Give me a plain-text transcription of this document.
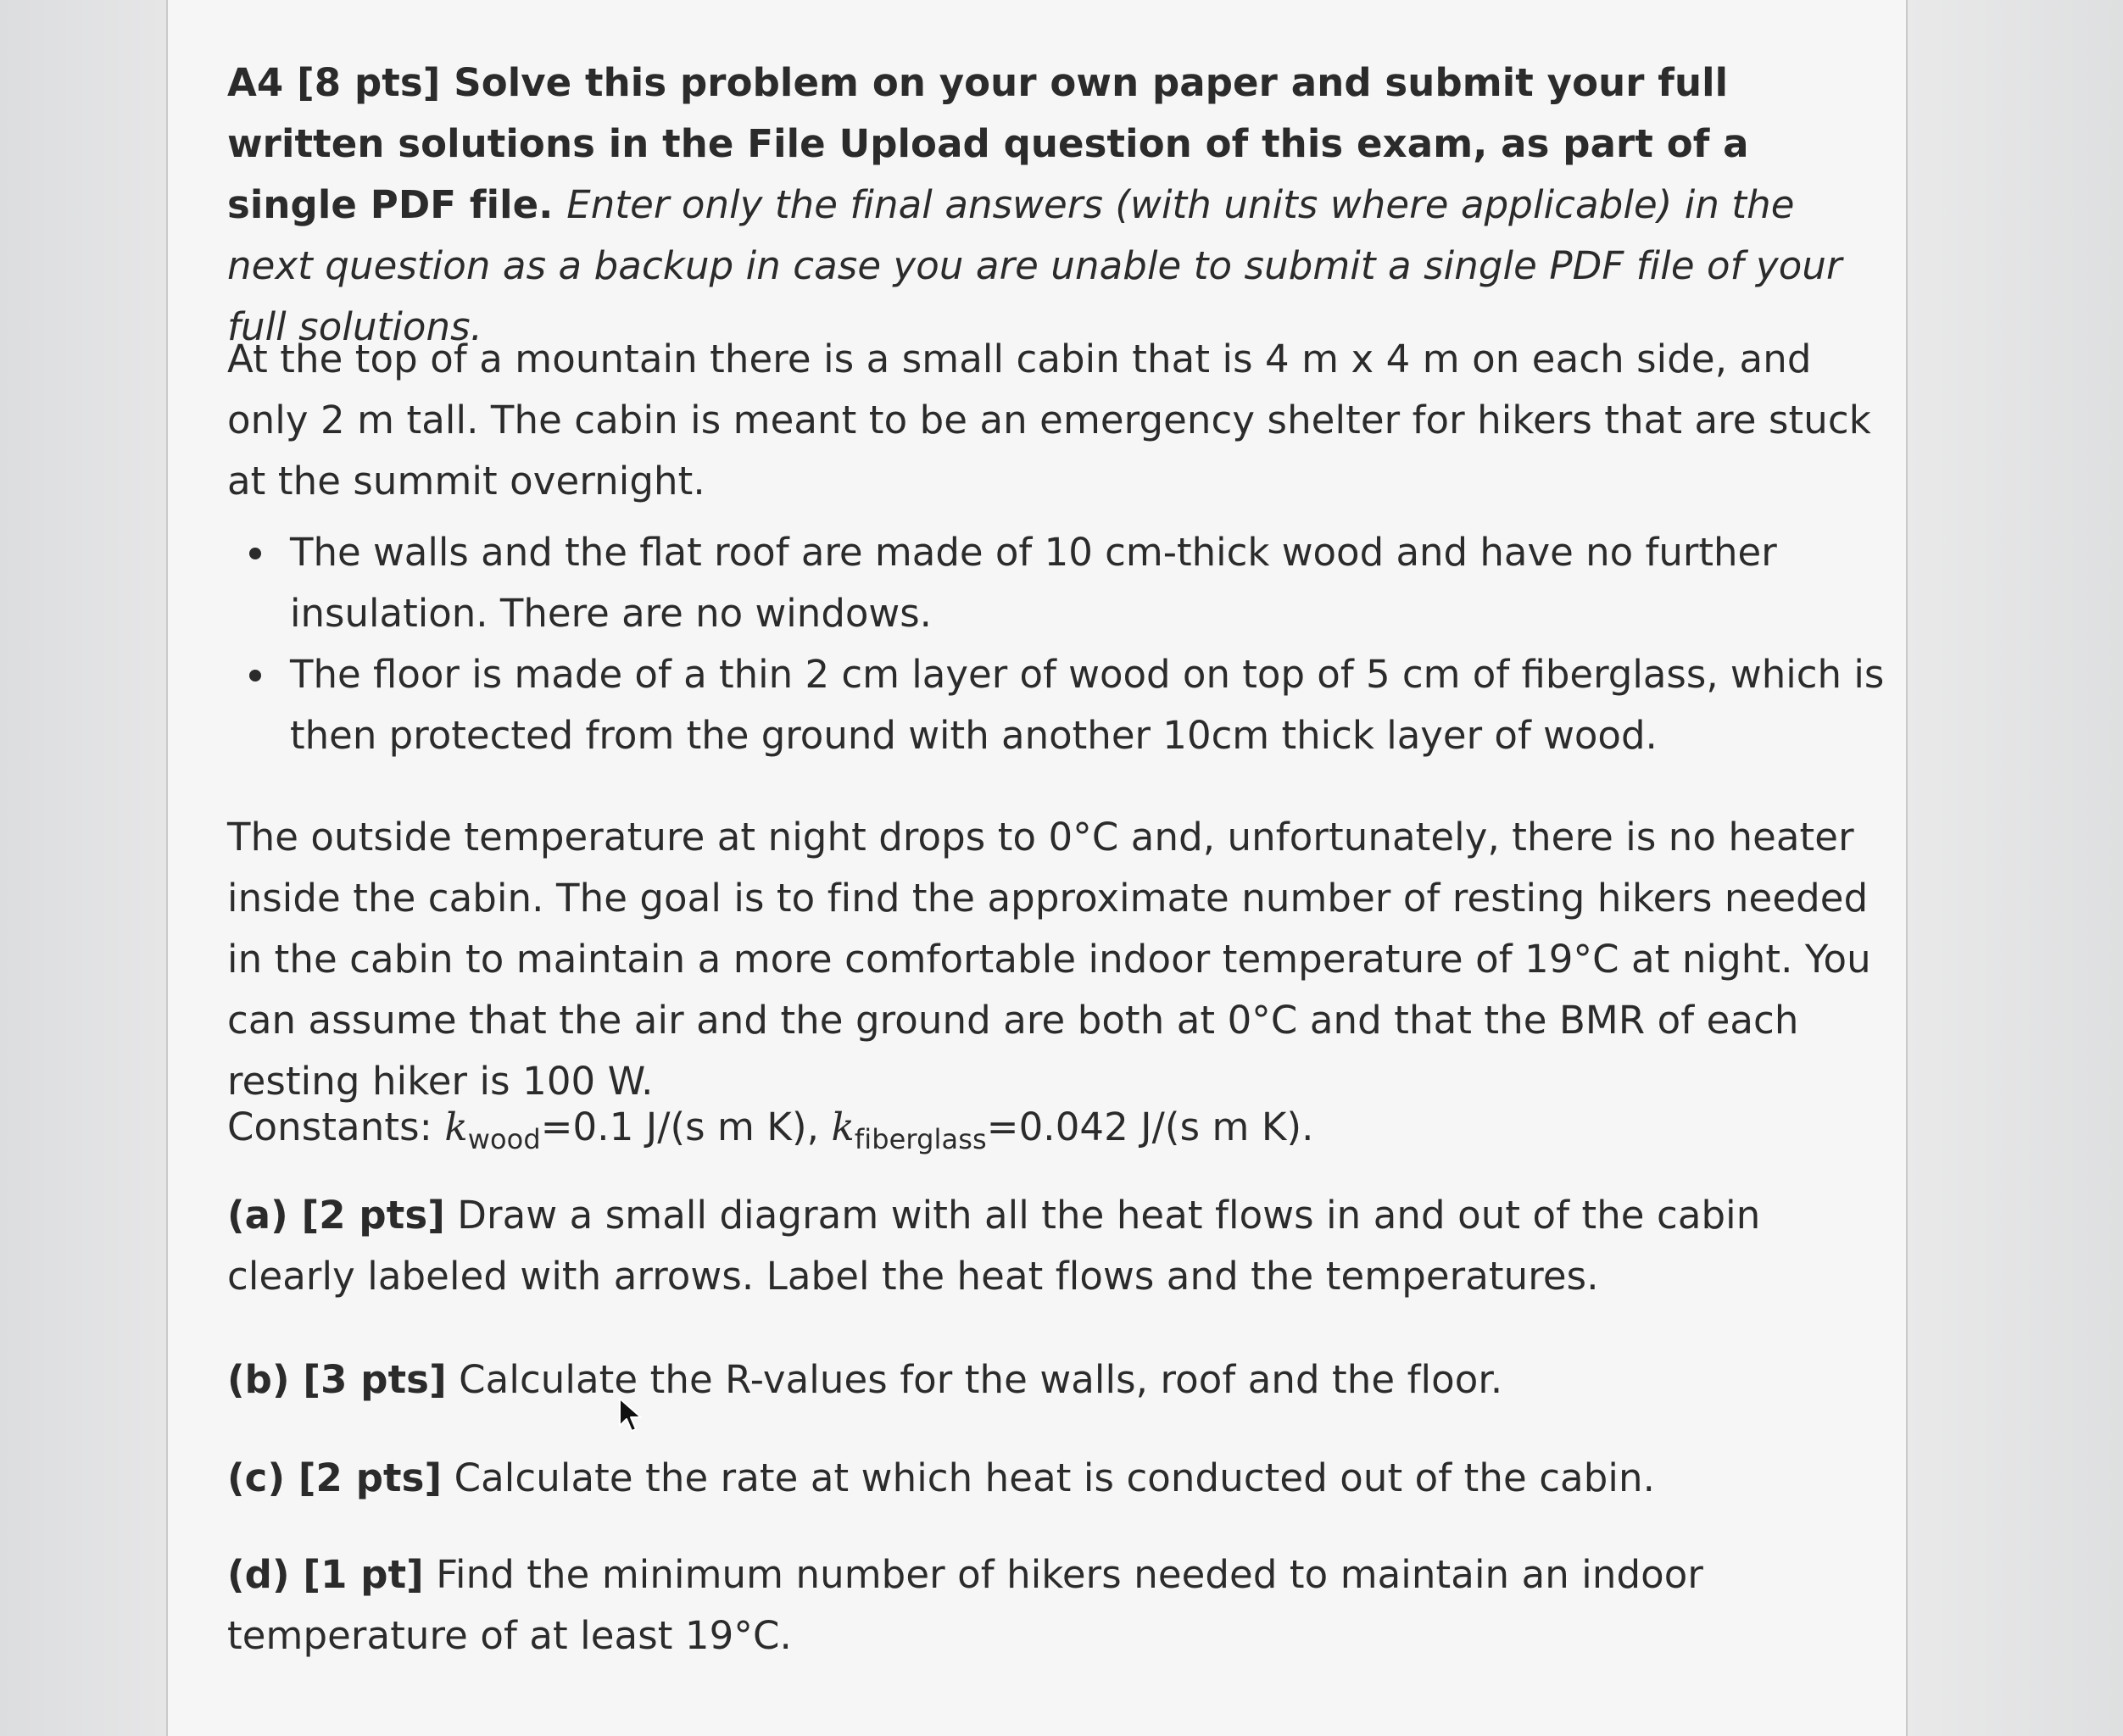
A4 [8 pts] Solve this problem on your own paper and submit your full written solutions in the File Upload question of this exam, as part of a single PDF file. Enter only the final answers (with units where applicable) in the next question as a backup in case you are unable to submit a single PDF file of your full solutions.

At the top of a mountain there is a small cabin that is 4 m x 4 m on each side, and only 2 m tall. The cabin is meant to be an emergency shelter for hikers that are stuck at the summit overnight.

The walls and the flat roof are made of 10 cm-thick wood and have no further insulation. There are no windows.
The floor is made of a thin 2 cm layer of wood on top of 5 cm of fiberglass, which is then protected from the ground with another 10cm thick layer of wood.

The outside temperature at night drops to 0°C and, unfortunately, there is no heater inside the cabin. The goal is to find the approximate number of resting hikers needed in the cabin to maintain a more comfortable indoor temperature of 19°C at night. You can assume that the air and the ground are both at 0°C and that the BMR of each resting hiker is 100 W.

Constants: $k_{wood}=0.1$ J/(s m K), $k_{fiberglass}=0.042$ J/(s m K).

(a) [2 pts] Draw a small diagram with all the heat flows in and out of the cabin clearly labeled with arrows. Label the heat flows and the temperatures.

(b) [3 pts] Calculate the R-values for the walls, roof and the floor.

(c) [2 pts] Calculate the rate at which heat is conducted out of the cabin.

(d) [1 pt] Find the minimum number of hikers needed to maintain an indoor temperature of at least 19°C.
